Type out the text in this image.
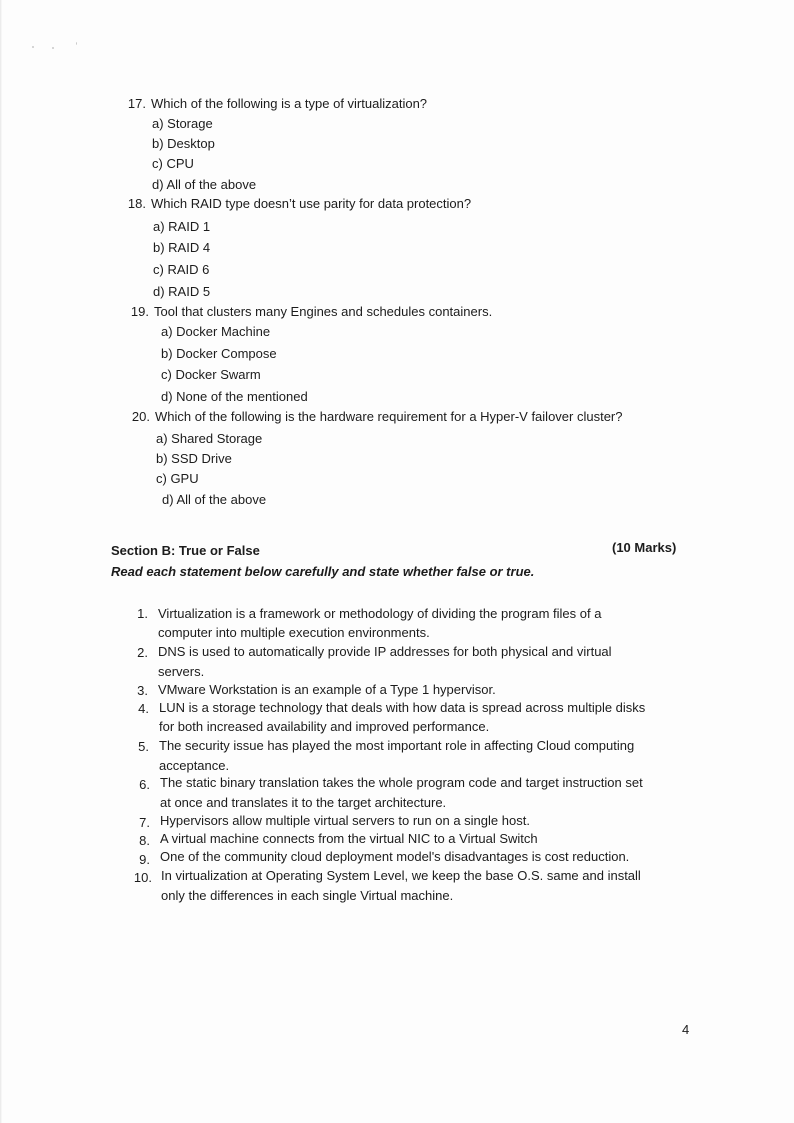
17. Which of the following is a type of virtualization?
a) Storage
b) Desktop
c) CPU
d) All of the above
18. Which RAID type doesn’t use parity for data protection?
a) RAID 1
b) RAID 4
c) RAID 6
d) RAID 5
19. Tool that clusters many Engines and schedules containers.
a) Docker Machine
b) Docker Compose
c) Docker Swarm
d) None of the mentioned
20. Which of the following is the hardware requirement for a Hyper-V failover cluster?
a) Shared Storage
b) SSD Drive
c) GPU
d) All of the above
Section B: True or False	(10 Marks)
Read each statement below carefully and state whether false or true.
1. Virtualization is a framework or methodology of dividing the program files of a
computer into multiple execution environments.
2. DNS is used to automatically provide IP addresses for both physical and virtual
servers.
3. VMware Workstation is an example of a Type 1 hypervisor.
4. LUN is a storage technology that deals with how data is spread across multiple disks
for both increased availability and improved performance.
5. The security issue has played the most important role in affecting Cloud computing
acceptance.
6. The static binary translation takes the whole program code and target instruction set
at once and translates it to the target architecture.
7. Hypervisors allow multiple virtual servers to run on a single host.
8. A virtual machine connects from the virtual NIC to a Virtual Switch
9. One of the community cloud deployment model's disadvantages is cost reduction.
10. In virtualization at Operating System Level, we keep the base O.S. same and install
only the differences in each single Virtual machine.
4
